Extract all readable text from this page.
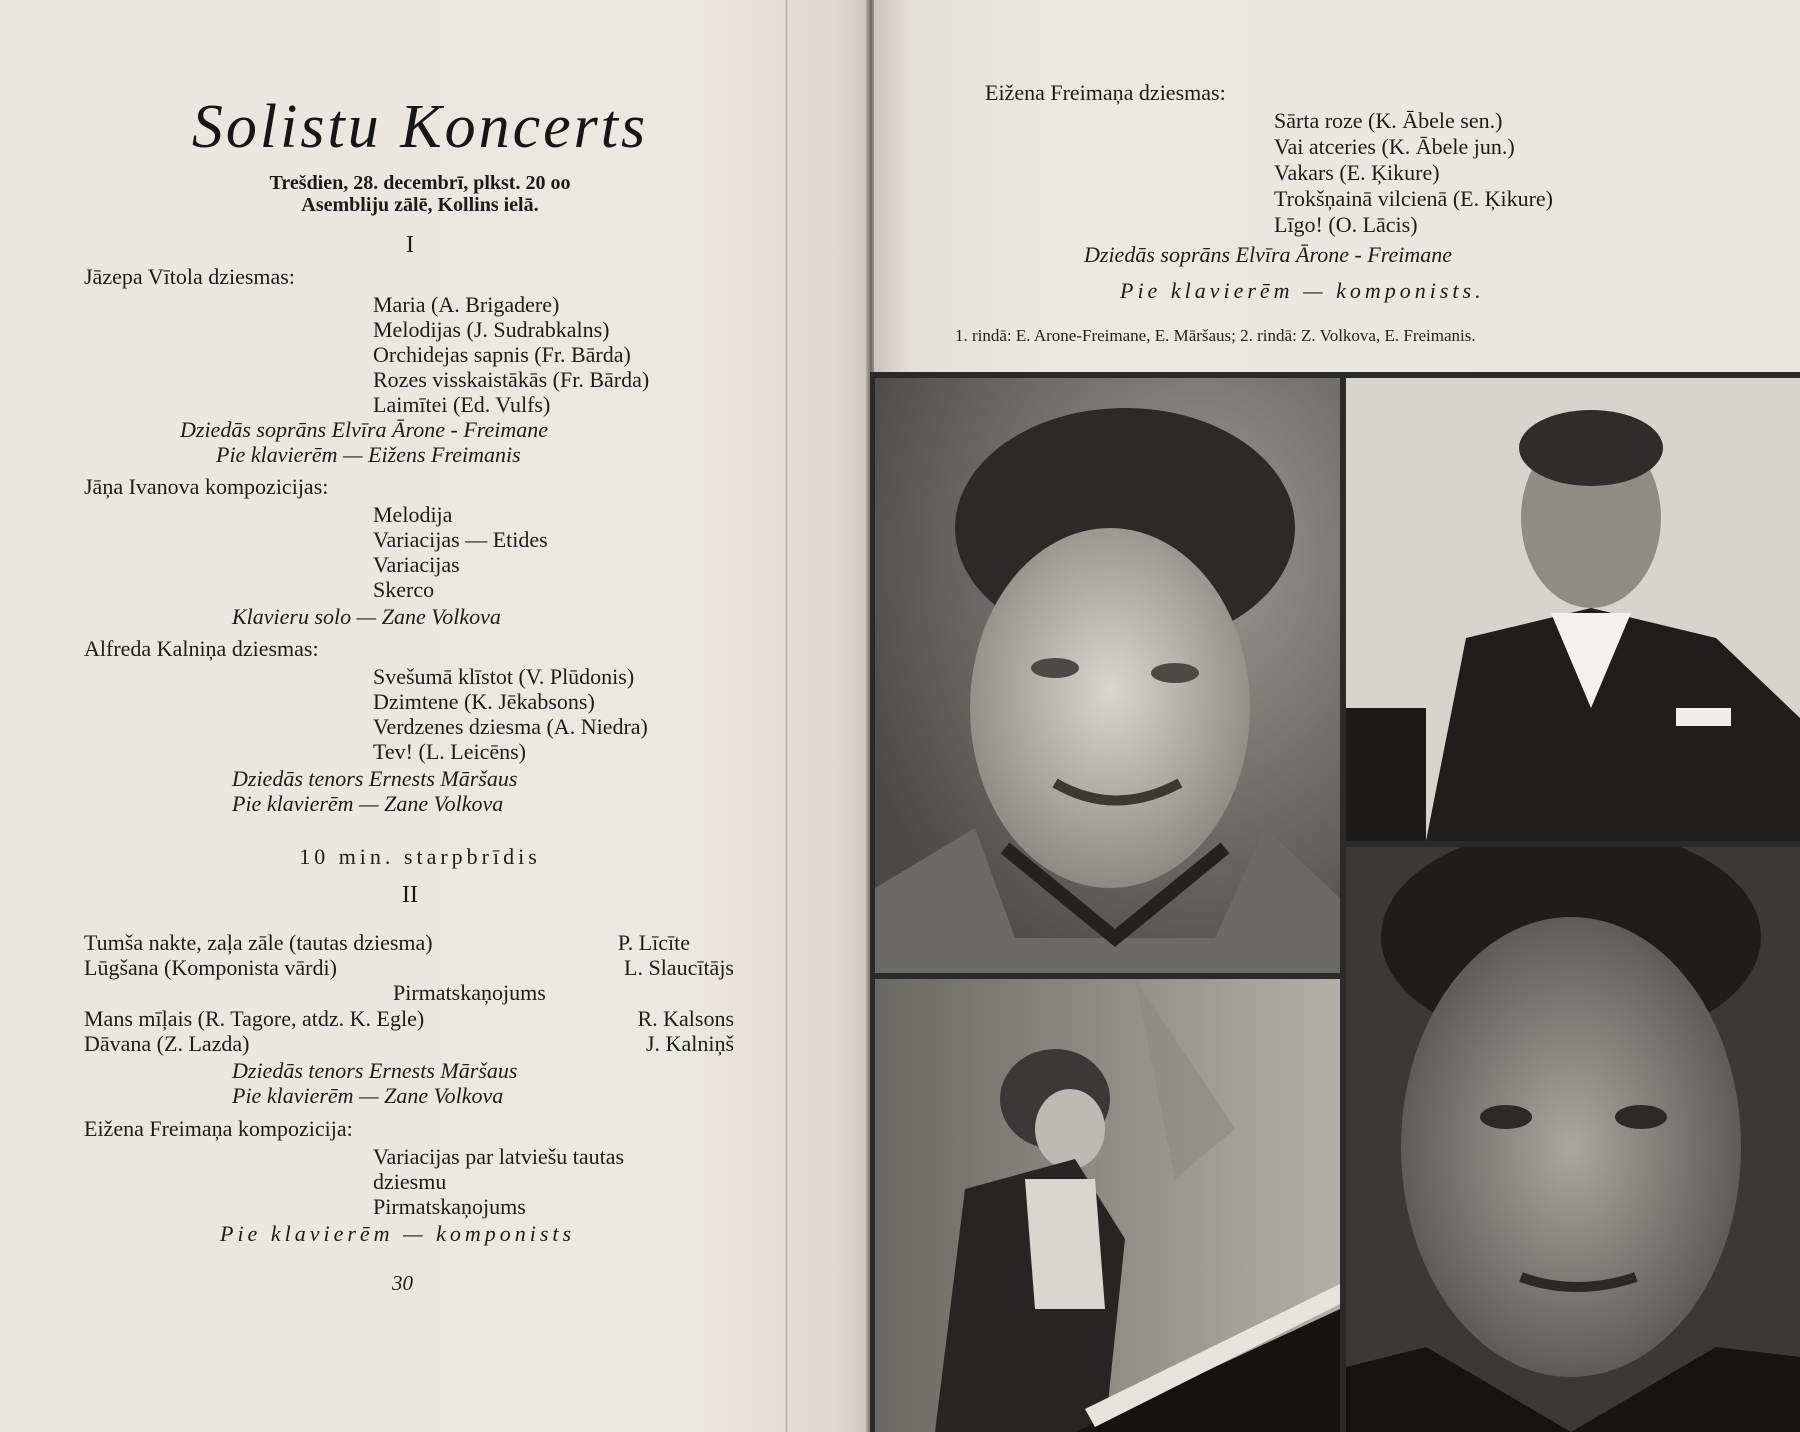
Solistu Koncerts
Trešdien, 28. decembrī, plkst. 20 oo
Asembliju zālē, Kollins ielā.
I
Jāzepa Vītola dziesmas:
Maria (A. Brigadere)
Melodijas (J. Sudrabkalns)
Orchidejas sapnis (Fr. Bārda)
Rozes visskaistākās (Fr. Bārda)
Laimītei (Ed. Vulfs)
Dziedās soprāns Elvīra Ārone - Freimane
Pie klavierēm — Eižens Freimanis
Jāņa Ivanova kompozicijas:
Melodija
Variacijas — Etides
Variacijas
Skerco
Klavieru solo — Zane Volkova
Alfreda Kalniņa dziesmas:
Svešumā klīstot (V. Plūdonis)
Dzimtene (K. Jēkabsons)
Verdzenes dziesma (A. Niedra)
Tev! (L. Leicēns)
Dziedās tenors Ernests Māršaus
Pie klavierēm — Zane Volkova
10 min. starpbrīdis
II
Tumša nakte, zaļa zāle (tautas dziesma)	P. Līcīte
Lūgšana (Komponista vārdi)	L. Slaucītājs
Pirmatskaņojums
Mans mīļais (R. Tagore, atdz. K. Egle)	R. Kalsons
Dāvana (Z. Lazda)	J. Kalniņš
Dziedās tenors Ernests Māršaus
Pie klavierēm — Zane Volkova
Eižena Freimaņa kompozicija:
Variacijas par latviešu tautas
dziesmu
Pirmatskaņojums
Pie klavierēm — komponists
30
Eižena Freimaņa dziesmas:
Sārta roze (K. Ābele sen.)
Vai atceries (K. Ābele jun.)
Vakars (E. Ķikure)
Trokšņainā vilcienā (E. Ķikure)
Līgo! (O. Lācis)
Dziedās soprāns Elvīra Ārone - Freimane
Pie klavierēm — komponists.
1. rindā: E. Arone-Freimane, E. Māršaus; 2. rindā: Z. Volkova, E. Freimanis.
